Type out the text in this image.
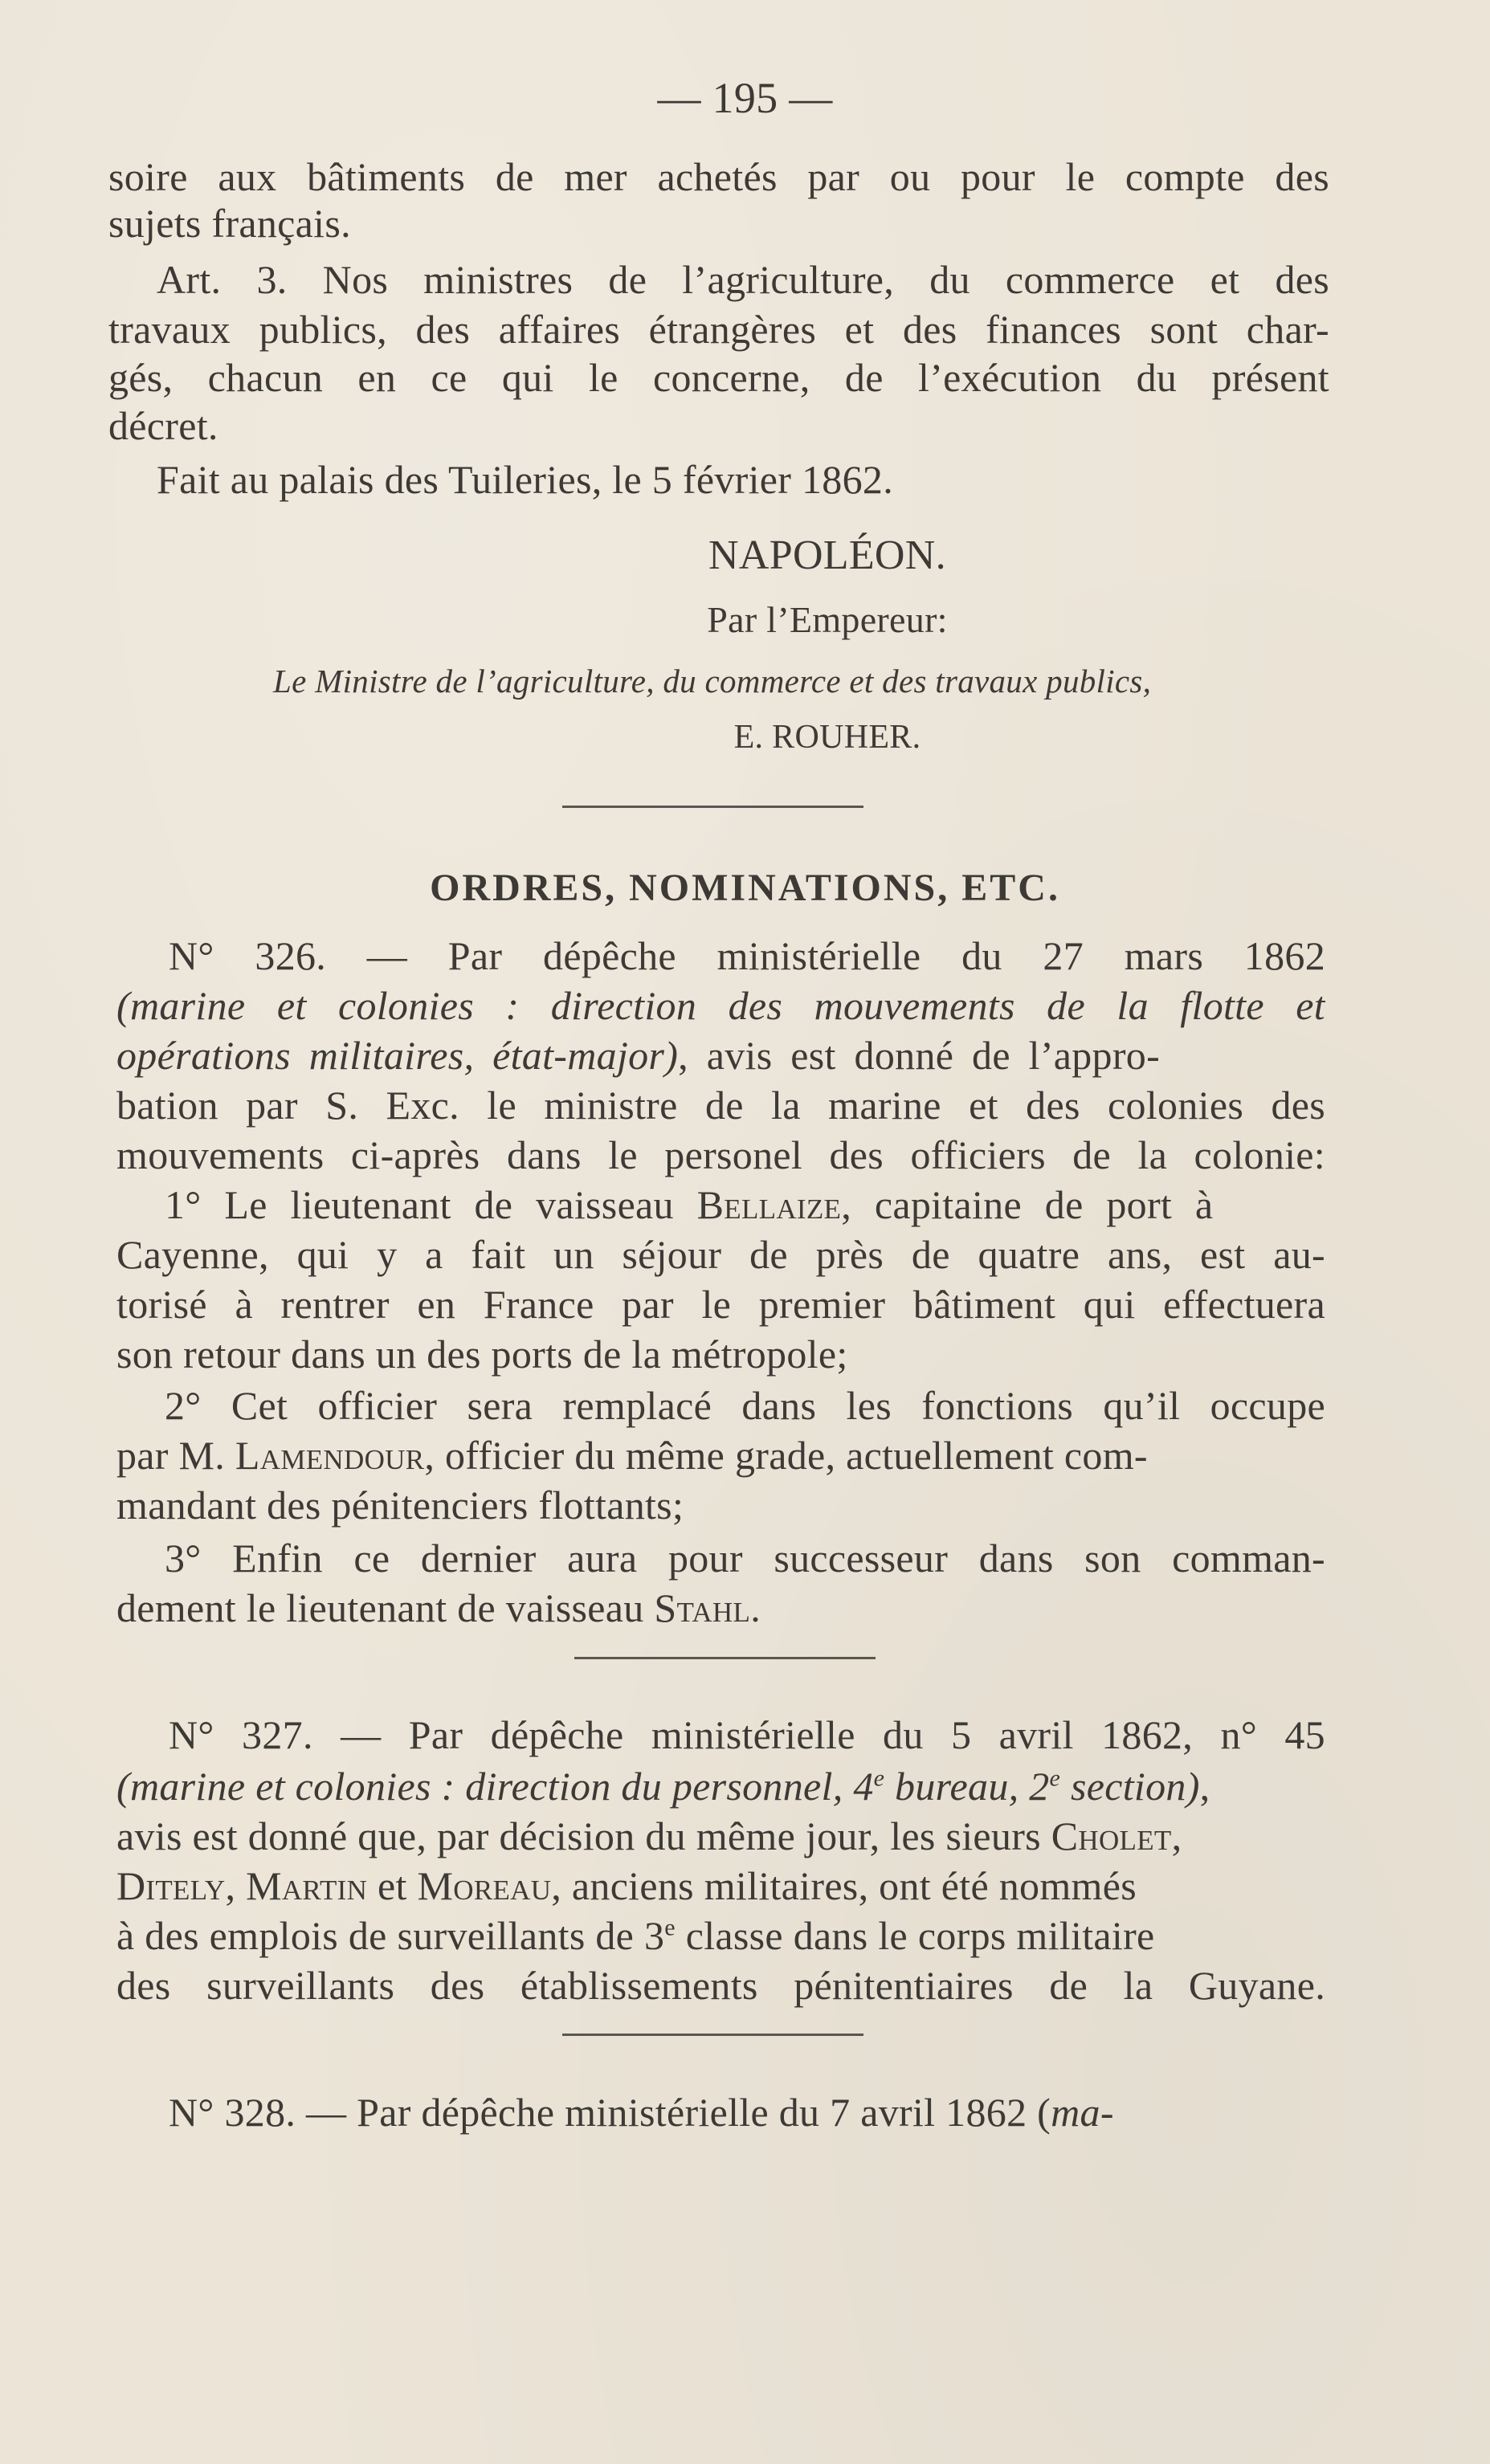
— 195 —
soire aux bâtiments de mer achetés par ou pour le compte des
sujets français.
Art. 3. Nos ministres de l’agriculture, du commerce et des
travaux publics, des affaires étrangères et des finances sont char-
gés, chacun en ce qui le concerne, de l’exécution du présent
décret.
Fait au palais des Tuileries, le 5 février 1862.
NAPOLÉON.
Par l’Empereur:
Le Ministre de l’agriculture, du commerce et des travaux publics,
E. ROUHER.
ORDRES, NOMINATIONS, ETC.
N° 326. — Par dépêche ministérielle du 27 mars 1862
(marine et colonies : direction des mouvements de la flotte et
opérations militaires, état-major), avis est donné de l’appro-
bation par S. Exc. le ministre de la marine et des colonies des
mouvements ci-après dans le personel des officiers de la colonie:
1° Le lieutenant de vaisseau Bellaize, capitaine de port à
Cayenne, qui y a fait un séjour de près de quatre ans, est au-
torisé à rentrer en France par le premier bâtiment qui effectuera
son retour dans un des ports de la métropole;
2° Cet officier sera remplacé dans les fonctions qu’il occupe
par M. Lamendour, officier du même grade, actuellement com-
mandant des pénitenciers flottants;
3° Enfin ce dernier aura pour successeur dans son comman-
dement le lieutenant de vaisseau Stahl.
N° 327. — Par dépêche ministérielle du 5 avril 1862, n° 45
(marine et colonies : direction du personnel, 4e bureau, 2e section),
avis est donné que, par décision du même jour, les sieurs Cholet,
Ditely, Martin et Moreau, anciens militaires, ont été nommés
à des emplois de surveillants de 3e classe dans le corps militaire
des surveillants des établissements pénitentiaires de la Guyane.
N° 328. — Par dépêche ministérielle du 7 avril 1862 (ma-
